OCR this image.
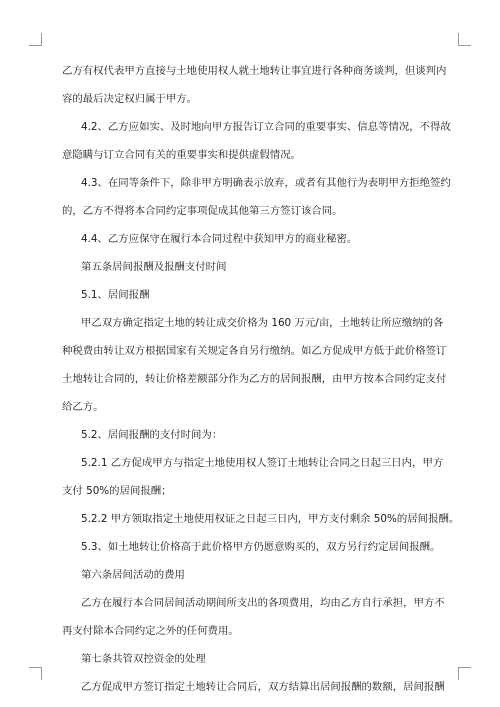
乙方有权代表甲方直接与土地使用权人就土地转让事宜进行各种商务谈判，但谈判内
容的最后决定权归属于甲方。
4.2、乙方应如实、及时地向甲方报告订立合同的重要事实、信息等情况，不得故
意隐瞒与订立合同有关的重要事实和提供虚假情况。
4.3、在同等条件下，除非甲方明确表示放弃，或者有其他行为表明甲方拒绝签约
的，乙方不得将本合同约定事项促成其他第三方签订该合同。
4.4、乙方应保守在履行本合同过程中获知甲方的商业秘密。
第五条居间报酬及报酬支付时间
5.1、居间报酬
甲乙双方确定指定土地的转让成交价格为 160 万元/亩，土地转让所应缴纳的各
种税费由转让双方根据国家有关规定各自另行缴纳。如乙方促成甲方低于此价格签订
土地转让合同的，转让价格差额部分作为乙方的居间报酬，由甲方按本合同约定支付
给乙方。
5.2、居间报酬的支付时间为：
5.2.1 乙方促成甲方与指定土地使用权人签订土地转让合同之日起三日内，甲方
支付 50%的居间报酬；
5.2.2 甲方领取指定土地使用权证之日起三日内，甲方支付剩余 50%的居间报酬。
5.3、如土地转让价格高于此价格甲方仍愿意购买的，双方另行约定居间报酬。
第六条居间活动的费用
乙方在履行本合同居间活动期间所支出的各项费用，均由乙方自行承担，甲方不
再支付除本合同约定之外的任何费用。
第七条共管双控资金的处理
乙方促成甲方签订指定土地转让合同后，双方结算出居间报酬的数额，居间报酬
